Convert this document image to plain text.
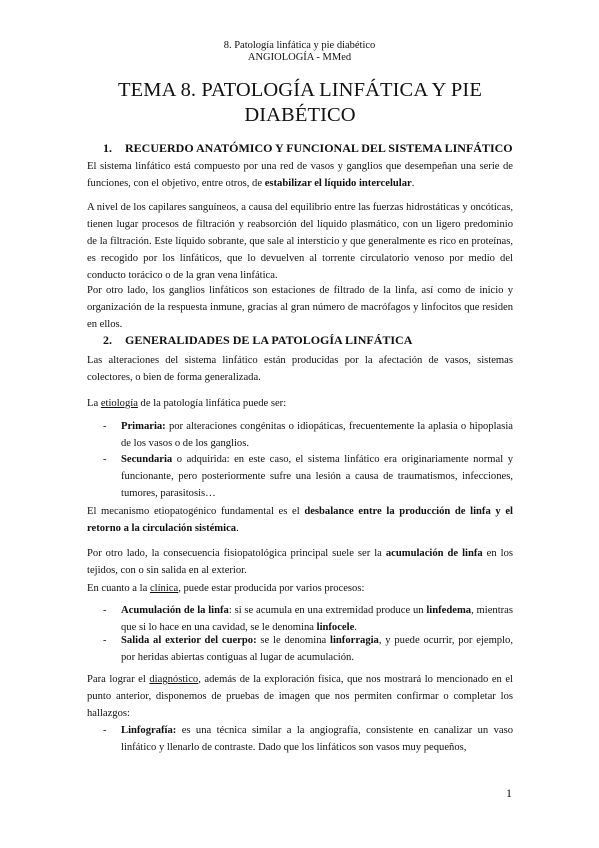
8. Patología linfática y pie diabético
ANGIOLOGÍA - MMed
TEMA 8. PATOLOGÍA LINFÁTICA Y PIE
DIABÉTICO
1. RECUERDO ANATÓMICO Y FUNCIONAL DEL SISTEMA LINFÁTICO
El sistema linfático está compuesto por una red de vasos y ganglios que desempeñan una serie de funciones, con el objetivo, entre otros, de estabilizar el líquido intercelular.
A nivel de los capilares sanguíneos, a causa del equilibrio entre las fuerzas hidrostáticas y oncóticas, tienen lugar procesos de filtración y reabsorción del líquido plasmático, con un ligero predominio de la filtración. Este líquido sobrante, que sale al intersticio y que generalmente es rico en proteínas, es recogido por los linfáticos, que lo devuelven al torrente circulatorio venoso por medio del conducto torácico o de la gran vena linfática.
Por otro lado, los ganglios linfáticos son estaciones de filtrado de la linfa, así como de inicio y organización de la respuesta inmune, gracias al gran número de macrófagos y linfocitos que residen en ellos.
2. GENERALIDADES DE LA PATOLOGÍA LINFÁTICA
Las alteraciones del sistema linfático están producidas por la afectación de vasos, sistemas colectores, o bien de forma generalizada.
La etiología de la patología linfática puede ser:
- Primaria: por alteraciones congénitas o idiopáticas, frecuentemente la aplasia o hipoplasia de los vasos o de los ganglios.
- Secundaria o adquirida: en este caso, el sistema linfático era originariamente normal y funcionante, pero posteriormente sufre una lesión a causa de traumatismos, infecciones, tumores, parasitosis…
El mecanismo etiopatogénico fundamental es el desbalance entre la producción de linfa y el retorno a la circulación sistémica.
Por otro lado, la consecuencia fisiopatológica principal suele ser la acumulación de linfa en los tejidos, con o sin salida en al exterior.
En cuanto a la clínica, puede estar producida por varios procesos:
- Acumulación de la linfa: si se acumula en una extremidad produce un linfedema, mientras que si lo hace en una cavidad, se le denomina linfocele.
- Salida al exterior del cuerpo: se le denomina linforragia, y puede ocurrir, por ejemplo, por heridas abiertas contiguas al lugar de acumulación.
Para lograr el diagnóstico, además de la exploración física, que nos mostrará lo mencionado en el punto anterior, disponemos de pruebas de imagen que nos permiten confirmar o completar los hallazgos:
- Linfografía: es una técnica similar a la angiografía, consistente en canalizar un vaso linfático y llenarlo de contraste. Dado que los linfáticos son vasos muy pequeños,
1
